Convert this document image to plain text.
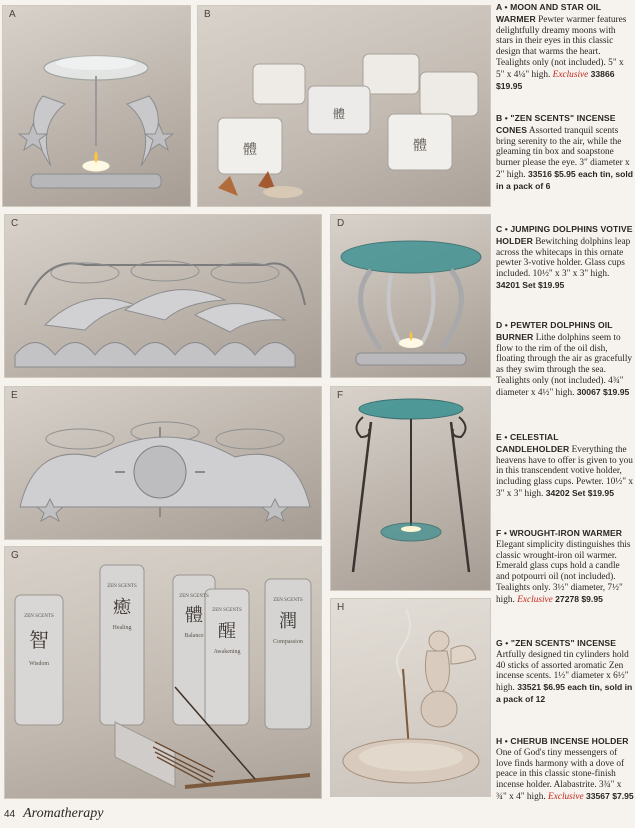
A	B
體
體	體
C	D
E	F
G
ZEN SCENTS
智
Wisdom
ZEN SCENTS
癒
Healing
ZEN SCENTS
體
Balance
ZEN SCENTS
醒
Awakening
ZEN SCENTS
潤
Compassion
H
A • MOON AND STAR OIL WARMER Pewter warmer features delightfully dreamy moons with stars in their eyes in this classic design that warms the heart. Tealights only (not included). 5" x 5" x 4¼" high. Exclusive 33866 $19.95
B • "ZEN SCENTS" INCENSE CONES Assorted tranquil scents bring serenity to the air, while the gleaming tin box and soapstone burner please the eye. 3" diameter x 2" high. 33516 $5.95 each tin, sold in a pack of 6
C • JUMPING DOLPHINS VOTIVE HOLDER Bewitching dolphins leap across the whitecaps in this ornate pewter 3-votive holder. Glass cups included. 10½" x 3" x 3" high. 34201 Set $19.95
D • PEWTER DOLPHINS OIL BURNER Lithe dolphins seem to flow to the rim of the oil dish, floating through the air as gracefully as they swim through the sea. Tealights only (not included). 4¾" diameter x 4½" high. 30067 $19.95
E • CELESTIAL CANDLEHOLDER Everything the heavens have to offer is given to you in this transcendent votive holder, including glass cups. Pewter. 10½" x 3" x 3" high. 34202 Set $19.95
F • WROUGHT-IRON WARMER Elegant simplicity distinguishes this classic wrought-iron oil warmer. Emerald glass cups hold a candle and potpourri oil (not included). Tealights only. 3½" diameter, 7½" high. Exclusive 27278 $9.95
G • "ZEN SCENTS" INCENSE Artfully designed tin cylinders hold 40 sticks of assorted aromatic Zen incense scents. 1½" diameter x 6½" high. 33521 $6.95 each tin, sold in a pack of 12
H • CHERUB INCENSE HOLDER One of God's tiny messengers of love finds harmony with a dove of peace in this classic stone-finish incense holder. Alabastrite. 3¾" x ¾" x 4" high. Exclusive 33567 $7.95
44 Aromatherapy
